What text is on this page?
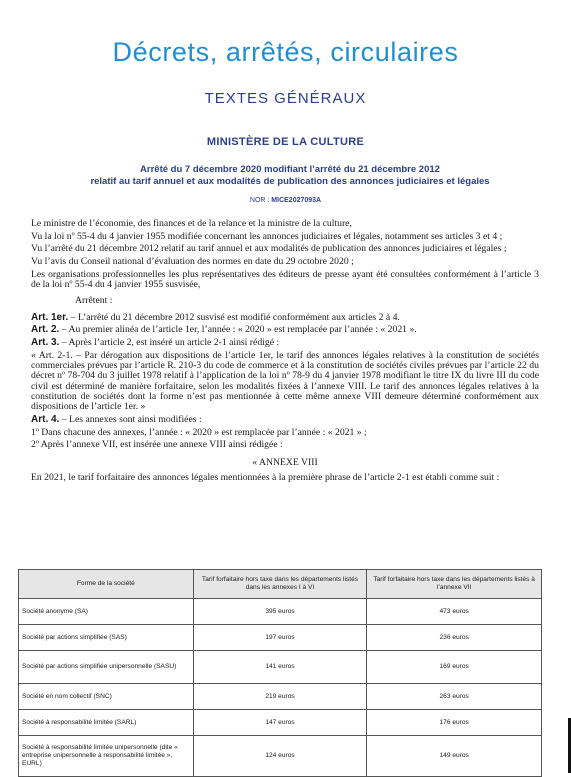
Décrets, arrêtés, circulaires
TEXTES GÉNÉRAUX
MINISTÈRE DE LA CULTURE
Arrêté du 7 décembre 2020 modifiant l’arrêté du 21 décembre 2012
relatif au tarif annuel et aux modalités de publication des annonces judiciaires et légales
NOR : MICE2027093A

Le ministre de l’économie, des finances et de la relance et la ministre de la culture,

Vu la loi nº 55-4 du 4 janvier 1955 modifiée concernant les annonces judiciaires et légales, notamment ses articles 3 et 4 ;

Vu l’arrêté du 21 décembre 2012 relatif au tarif annuel et aux modalités de publication des annonces judiciaires et légales ;

Vu l’avis du Conseil national d’évaluation des normes en date du 29 octobre 2020 ;

Les organisations professionnelles les plus représentatives des éditeurs de presse ayant été consultées conformément à l’article 3 de la loi nº 55-4 du 4 janvier 1955 susvisée,

Arrêtent :

Art. 1er. – L’arrêté du 21 décembre 2012 susvisé est modifié conformément aux articles 2 à 4.

Art. 2. – Au premier alinéa de l’article 1er, l’année : « 2020 » est remplacée par l’année : « 2021 ».

Art. 3. – Après l’article 2, est inséré un article 2-1 ainsi rédigé :

« Art. 2-1. – Par dérogation aux dispositions de l’article 1er, le tarif des annonces légales relatives à la constitution de sociétés commerciales prévues par l’article R. 210-3 du code de commerce et à la constitution de sociétés civiles prévues par l’article 22 du décret nº 78-704 du 3 juillet 1978 relatif à l’application de la loi nº 78-9 du 4 janvier 1978 modifiant le titre IX du livre III du code civil est déterminé de manière forfaitaire, selon les modalités fixées à l’annexe VIII. Le tarif des annonces légales relatives à la constitution de sociétés dont la forme n’est pas mentionnée à cette même annexe VIII demeure déterminé conformément aux dispositions de l’article 1er. »

Art. 4. – Les annexes sont ainsi modifiées :

1º Dans chacune des annexes, l’année : « 2020 » est remplacée par l’année : « 2021 » ;

2º Après l’annexe VII, est insérée une annexe VIII ainsi rédigée :

« ANNEXE VIII

En 2021, le tarif forfaitaire des annonces légales mentionnées à la première phrase de l’article 2-1 est établi comme suit :

Forme de la société	Tarif forfaitaire hors taxe dans les départements listés dans les annexes I à VI	Tarif forfaitaire hors taxe dans les départements listés à l’annexe VII
Société anonyme (SA)	395 euros	473 euros
Société par actions simplifiée (SAS)	197 euros	236 euros
Société par actions simplifiée unipersonnelle (SASU)	141 euros	169 euros
Société en nom collectif (SNC)	219 euros	263 euros
Société à responsabilité limitée (SARL)	147 euros	176 euros
Société à responsabilité limitée unipersonnelle (dite « entreprise unipersonnelle à responsabilité limitée », EURL)	124 euros	149 euros
